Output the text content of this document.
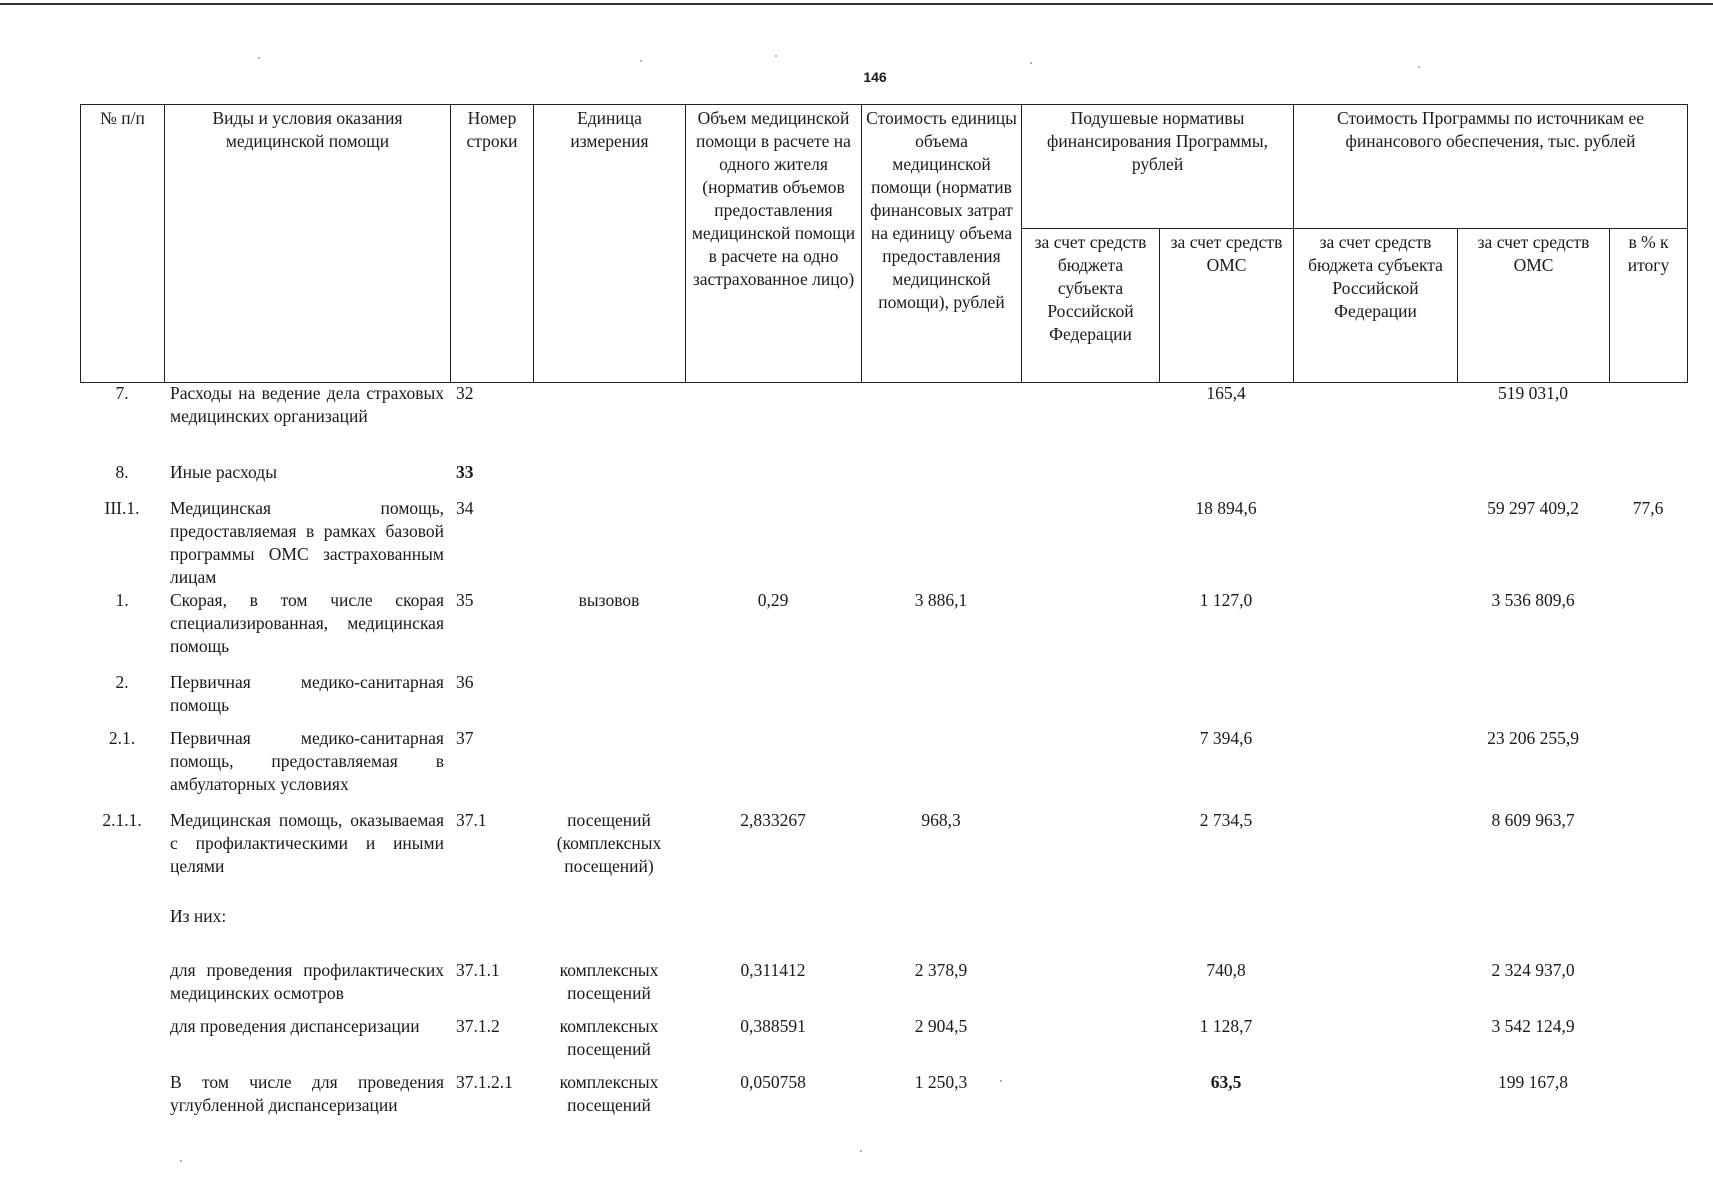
146
№ п/п	Виды и условия оказания медицинской помощи	Номер строки	Единица измерения	Объем медицинской помощи в расчете на одного жителя (норматив объемов предоставления медицинской помощи в расчете на одно застрахованное лицо)	Стоимость единицы объема медицинской помощи (норматив финансовых затрат на единицу объема предоставления медицинской помощи), рублей	Подушевые нормативы финансирования Программы, рублей		Стоимость Программы по источникам ее финансового обеспечения, тыс. рублей		
						за счет средств бюджета субъекта Российской Федерации	за счет средств ОМС	за счет средств бюджета субъекта Российской Федерации	за счет средств ОМС	в % к итогу
7.	Расходы на ведение дела страховых медицинских организаций	32					165,4		519 031,0	
8.	Иные расходы	33								
III.1.	Медицинская помощь, предоставляемая в рамках базовой программы ОМС застрахованным лицам	34					18 894,6		59 297 409,2	77,6
1.	Скорая, в том числе скорая специализированная, медицинская помощь	35	вызовов	0,29	3 886,1		1 127,0		3 536 809,6	
2.	Первичная медико-санитарная помощь	36								
2.1.	Первичная медико-санитарная помощь, предоставляемая в амбулаторных условиях	37					7 394,6		23 206 255,9	
2.1.1.	Медицинская помощь, оказываемая с профилактическими и иными целями	37.1	посещений (комплексных посещений)	2,833267	968,3		2 734,5		8 609 963,7	
	Из них:									
	для проведения профилактических медицинских осмотров	37.1.1	комплексных посещений	0,311412	2 378,9		740,8		2 324 937,0	
	для проведения диспансеризации	37.1.2	комплексных посещений	0,388591	2 904,5		1 128,7		3 542 124,9	
	В том числе для проведения углубленной диспансеризации	37.1.2.1	комплексных посещений	0,050758	1 250,3		63,5		199 167,8	
